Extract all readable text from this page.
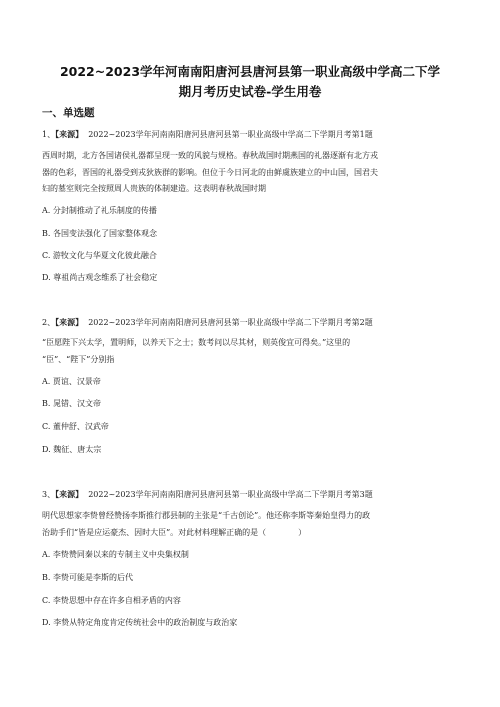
2022~2023学年河南南阳唐河县唐河县第一职业高级中学高二下学
期月考历史试卷-学生用卷
一、单选题
1、【来源】 2022~2023学年河南南阳唐河县唐河县第一职业高级中学高二下学期月考第1题
西周时期，北方各国诸侯礼器都呈现一致的风貌与规格。春秋战国时期燕国的礼器逐渐有北方戎
器的色彩，晋国的礼器受到戎狄族群的影响。但位于今日河北的由鲜虞族建立的中山国，国君夫
妇的墓室则完全按照周人贵族的体制建造。这表明春秋战国时期
A. 分封制推动了礼乐制度的传播
B. 各国变法强化了国家整体观念
C. 游牧文化与华夏文化彼此融合
D. 尊祖尚古观念维系了社会稳定
2、【来源】 2022~2023学年河南南阳唐河县唐河县第一职业高级中学高二下学期月考第2题
“臣愿陛下兴太学，置明师，以养天下之士；数考问以尽其材，则英俊宜可得矣。”这里的
“臣”、“陛下”分别指
A. 贾谊、汉景帝
B. 晁错、汉文帝
C. 董仲舒、汉武帝
D. 魏征、唐太宗
3、【来源】 2022~2023学年河南南阳唐河县唐河县第一职业高级中学高二下学期月考第3题
明代思想家李贽曾经赞扬李斯推行郡县制的主张是“千古创论”。他还称李斯等秦始皇得力的政
治助手们“皆是应运豪杰、因时大臣”。对此材料理解正确的是（　　　　）
A. 李贽赞同秦以来的专制主义中央集权制
B. 李贽可能是李斯的后代
C. 李贽思想中存在许多自相矛盾的内容
D. 李贽从特定角度肯定传统社会中的政治制度与政治家
